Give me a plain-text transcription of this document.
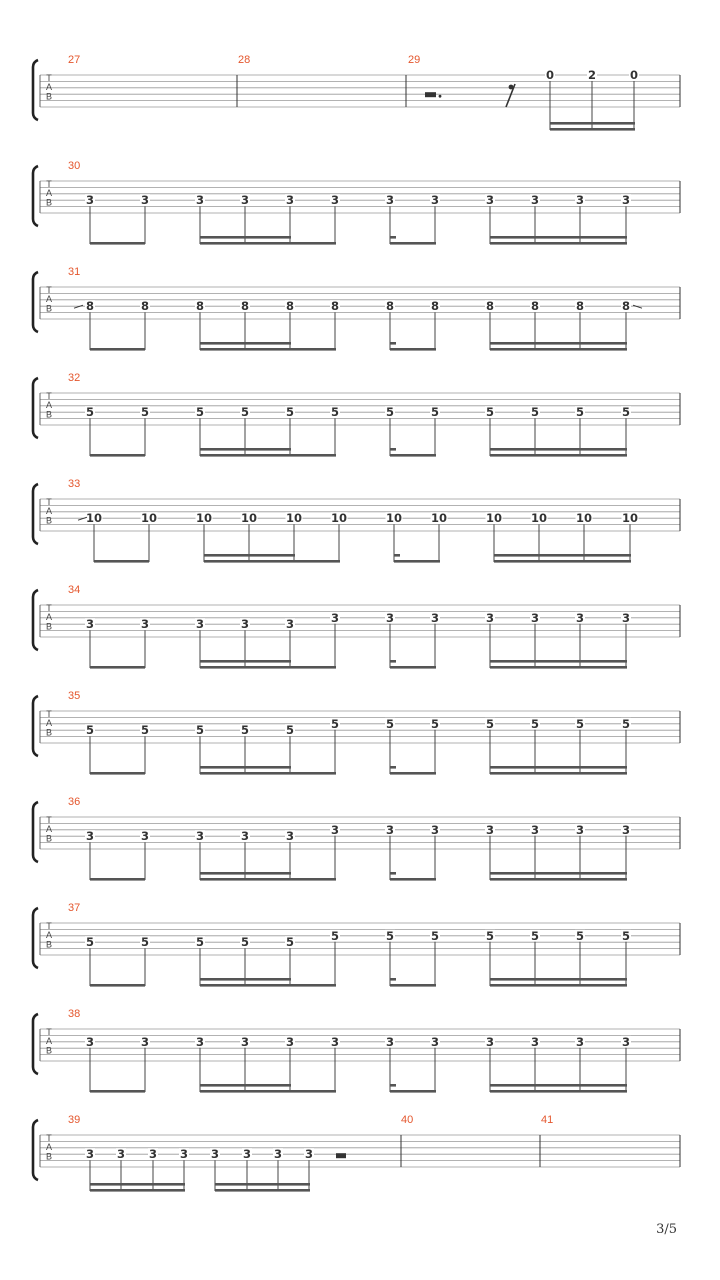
T
A
B
27	28	29
0	2	0
T
A
B
30
3	3	3	3	3	3	3	3	3	3	3	3
T
A
B
31
8	8	8	8	8	8	8	8	8	8	8	8
T
A
B
32
5	5	5	5	5	5	5	5	5	5	5	5
T
A
B
33
10	10	10	10	10	10	10	10	10	10	10	10
T
A
B
34
3	3	3	3	3	3	3	3	3	3	3	3
T
A
B
35
5	5	5	5	5	5	5	5	5	5	5	5
T
A
B
36
3	3	3	3	3	3	3	3	3	3	3	3
T
A
B
37
5	5	5	5	5	5	5	5	5	5	5	5
T
A
B
38
3	3	3	3	3	3	3	3	3	3	3	3
T
A
B
39	40	41
3 3 3 3 3 3 3 3
3/5
